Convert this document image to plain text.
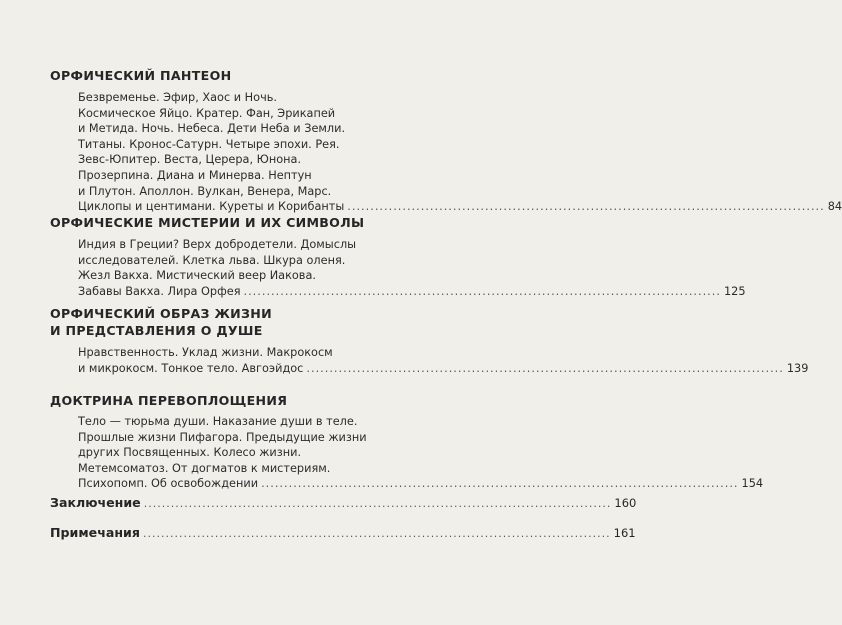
ОРФИЧЕСКИЙ ПАНТЕОН
Безвременье. Эфир, Хаос и Ночь.
Космическое Яйцо. Кратер. Фан, Эрикапей
и Метида. Ночь. Небеса. Дети Неба и Земли.
Титаны. Кронос-Сатурн. Четыре эпохи. Рея.
Зевс-Юпитер. Веста, Церера, Юнона.
Прозерпина. Диана и Минерва. Нептун
и Плутон. Аполлон. Вулкан, Венера, Марс.
Циклопы и центимани. Куреты и Корибанты ........................................................................................................ 84
ОРФИЧЕСКИЕ МИСТЕРИИ И ИХ СИМВОЛЫ
Индия в Греции? Верх добродетели. Домыслы
исследователей. Клетка льва. Шкура оленя.
Жезл Вакха. Мистический веер Иакова.
Забавы Вакха. Лира Орфея ........................................................................................................ 125
ОРФИЧЕСКИЙ ОБРАЗ ЖИЗНИ
И ПРЕДСТАВЛЕНИЯ О ДУШЕ
Нравственность. Уклад жизни. Макрокосм
и микрокосм. Тонкое тело. Авгоэйдос ........................................................................................................ 139
ДОКТРИНА ПЕРЕВОПЛОЩЕНИЯ
Тело — тюрьма души. Наказание души в теле.
Прошлые жизни Пифагора. Предыдущие жизни
других Посвященных. Колесо жизни.
Метемсоматоз. От догматов к мистериям.
Психопомп. Об освобождении ........................................................................................................ 154
Заключение ........................................................................................................ 160
Примечания ........................................................................................................ 161
